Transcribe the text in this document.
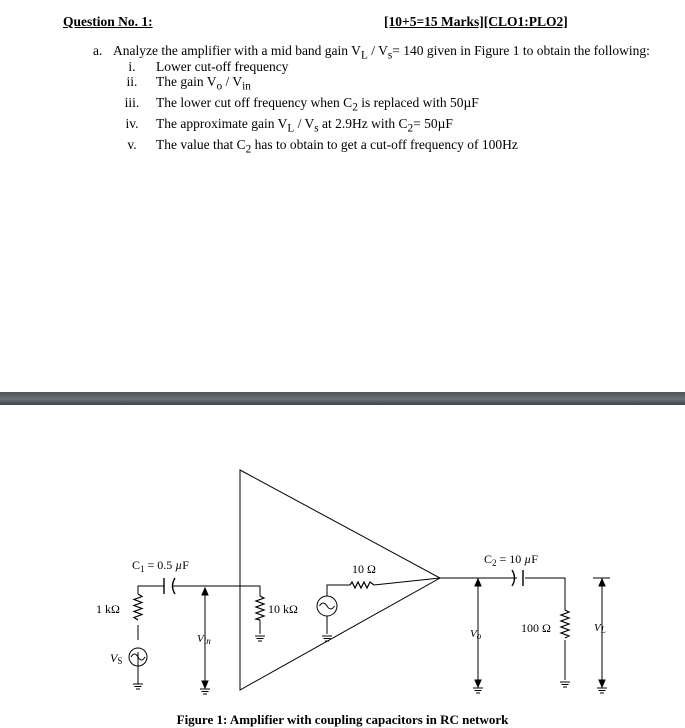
Question No. 1:	[10+5=15 Marks][CLO1:PLO2]
a. Analyze the amplifier with a mid band gain $V_L / V_s= 140$ given in Figure 1 to obtain the following:
i.	Lower cut-off frequency
ii.	The gain $V_o / V_{in}$
iii.	The lower cut off frequency when $C_2$ is replaced with 50µF
iv.	The approximate gain $V_L / V_s$ at 2.9Hz with $C_2= 50\mu F$
v.	The value that $C_2$ has to obtain to get a cut-off frequency of 100Hz
$C_1 = 0.5$ µF	$C_2 = 10$ µF
1 kΩ	10 kΩ
10 Ω
100 Ω
VS
Vin
Vo
VL
Figure 1: Amplifier with coupling capacitors in RC network
